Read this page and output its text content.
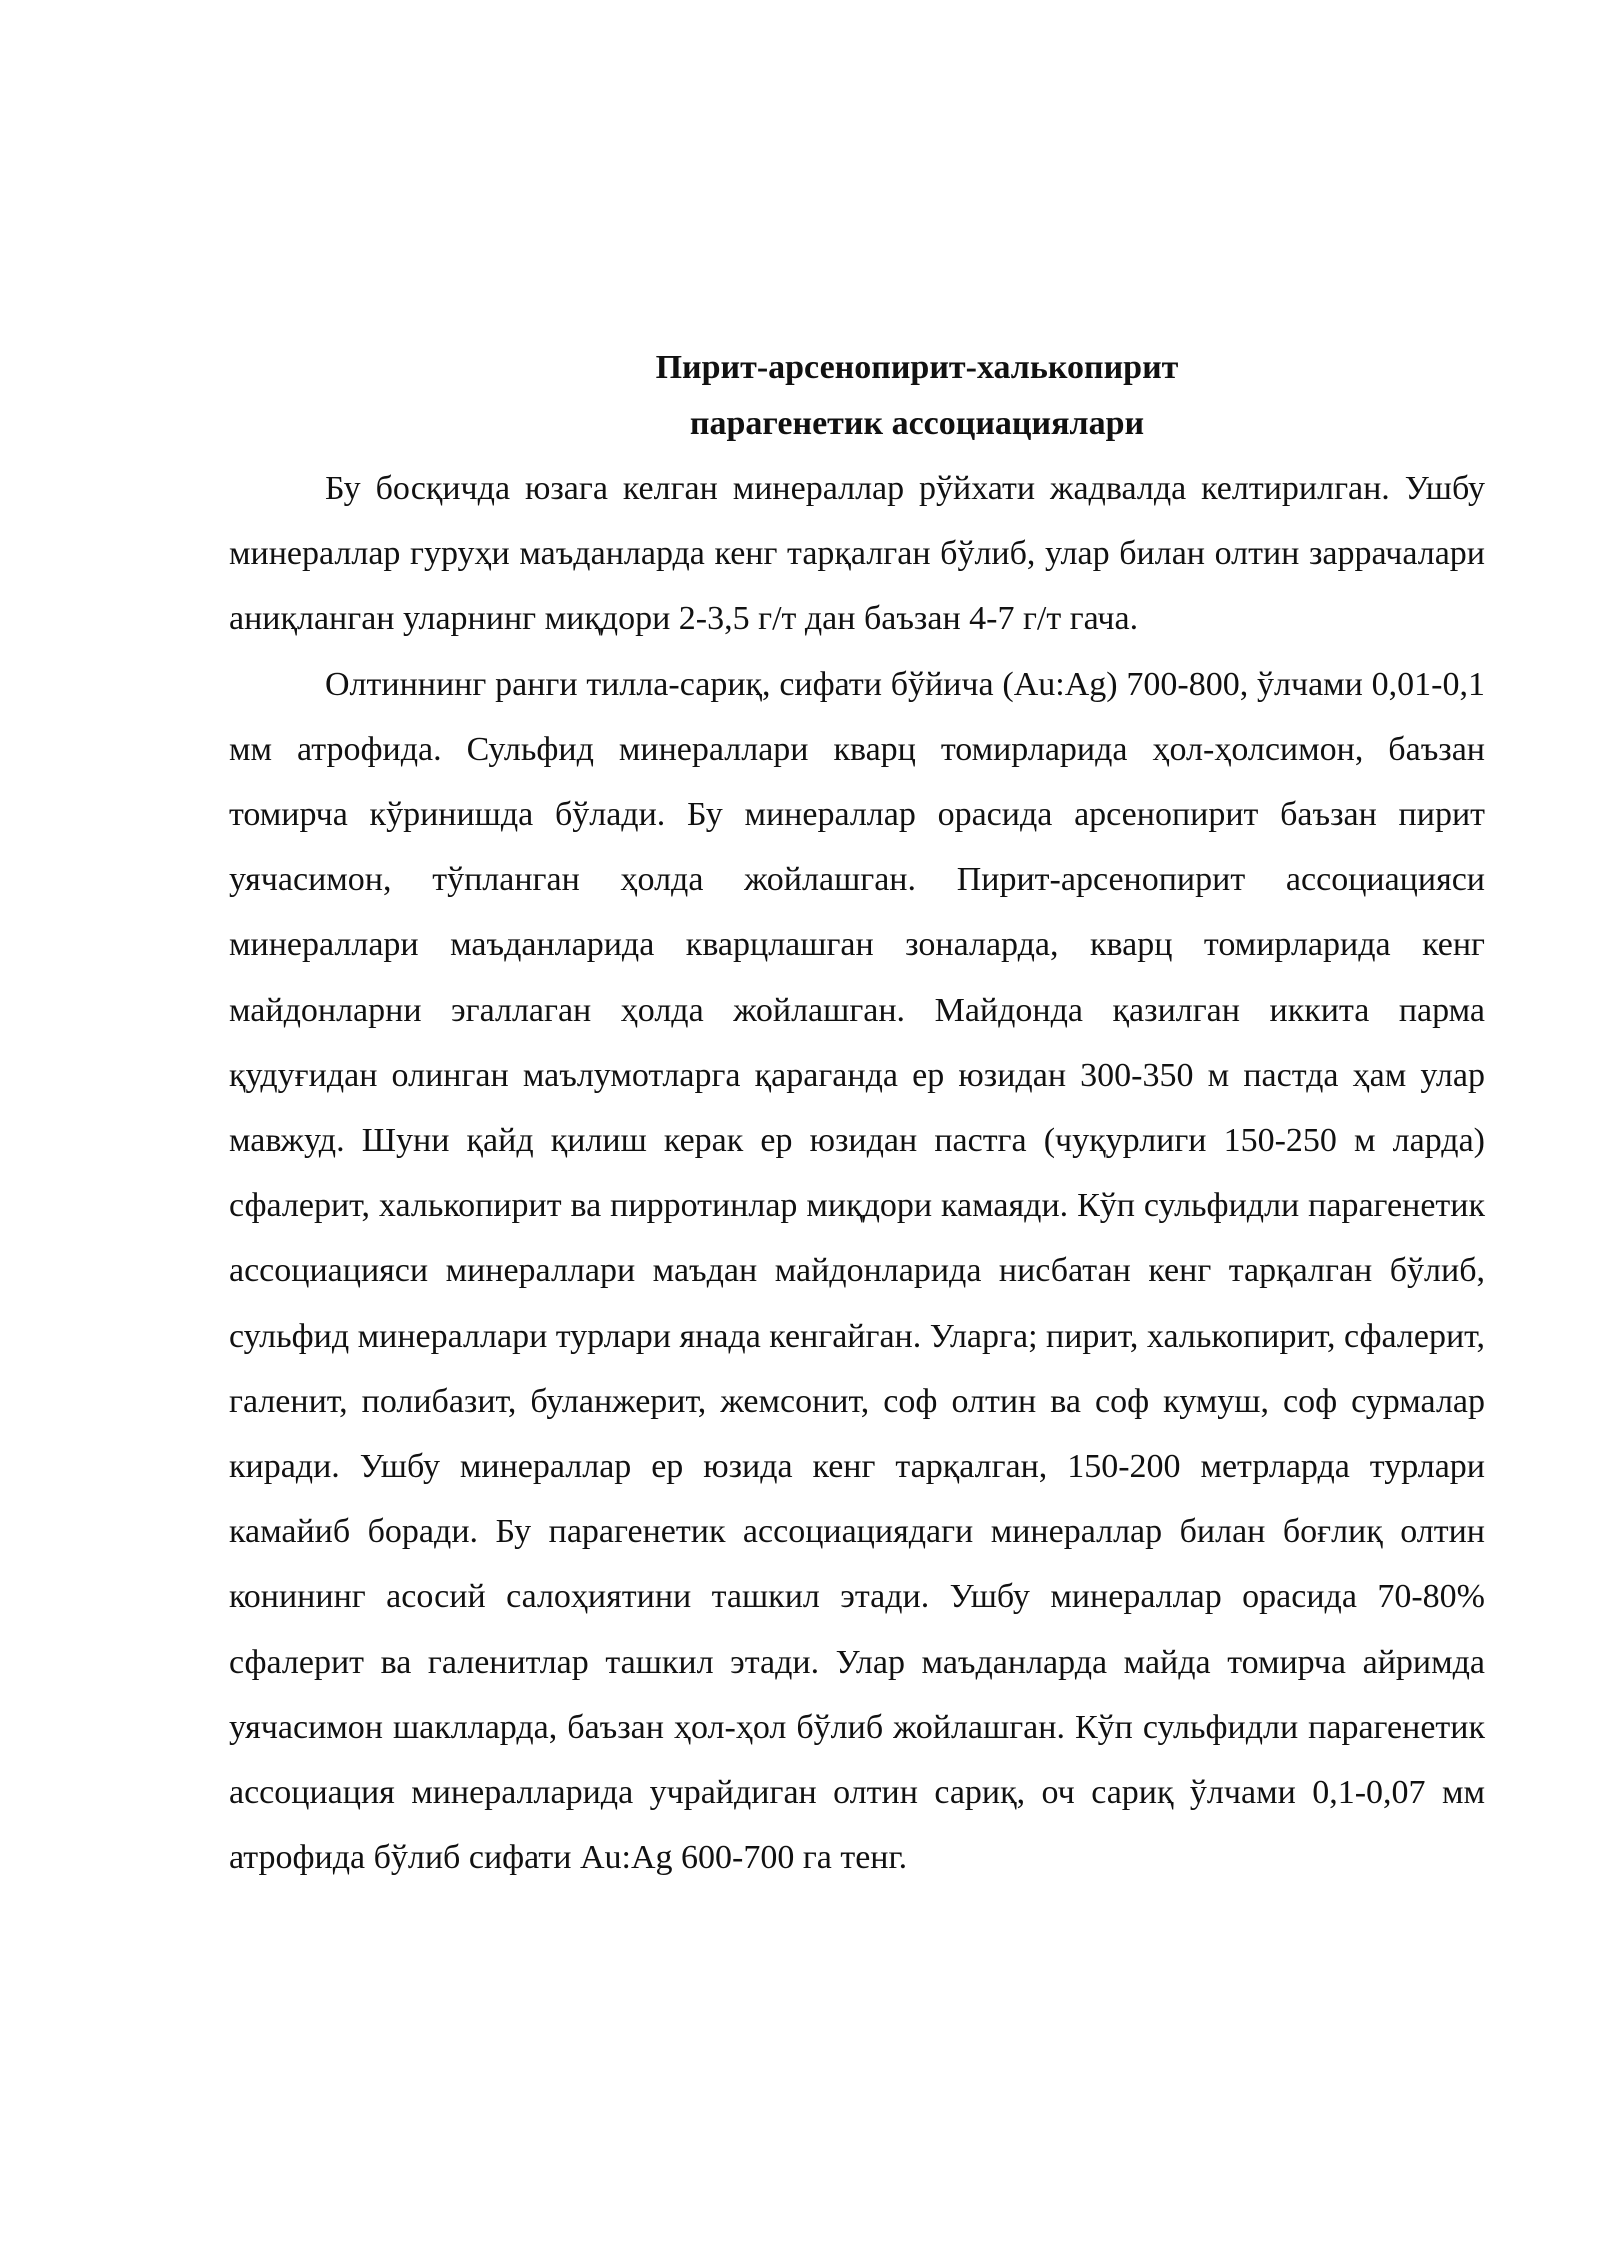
Пирит-арсенопирит-халькопирит

парагенетик ассоциациялари

Бу босқичда юзага келган минераллар рўйхати жадвалда келтирилган. Ушбу минераллар гуруҳи маъданларда кенг тарқалган бўлиб, улар билан олтин заррачалари аниқланган уларнинг миқдори 2-3,5 г/т дан баъзан 4-7 г/т гача.

Олтиннинг ранги тилла-сариқ, сифати бўйича (Au:Ag) 700-800, ўлчами 0,01-0,1 мм атрофида. Сульфид минераллари кварц томирларида ҳол-ҳолсимон, баъзан томирча кўринишда бўлади. Бу минераллар орасида арсенопирит баъзан пирит уячасимон, тўпланган ҳолда жойлашган. Пирит-арсенопирит ассоциацияси минераллари маъданларида кварцлашган зоналарда, кварц томирларида кенг майдонларни эгаллаган ҳолда жойлашган. Майдонда қазилган иккита парма қудуғидан олинган маълумотларга қараганда ер юзидан 300-350 м пастда ҳам улар мавжуд. Шуни қайд қилиш керак ер юзидан пастга (чуқурлиги 150-250 м ларда) сфалерит, халькопирит ва пирротинлар миқдори камаяди. Кўп сульфидли парагенетик ассоциацияси минераллари маъдан майдонларида нисбатан кенг тарқалган бўлиб, сульфид минераллари турлари янада кенгайган. Уларга; пирит, халькопирит, сфалерит, галенит, полибазит, буланжерит, жемсонит, соф олтин ва соф кумуш, соф сурмалар киради. Ушбу минераллар ер юзида кенг тарқалган, 150-200 метрларда турлари камайиб боради. Бу парагенетик ассоциациядаги минераллар билан боғлиқ олтин конининг асосий салоҳиятини ташкил этади. Ушбу минераллар орасида 70-80% сфалерит ва галенитлар ташкил этади. Улар маъданларда майда томирча айримда уячасимон шаклларда, баъзан ҳол-ҳол бўлиб жойлашган. Кўп сульфидли парагенетик ассоциация минералларида учрайдиган олтин сариқ, оч сариқ ўлчами 0,1-0,07 мм атрофида бўлиб сифати Au:Ag 600-700 га тенг.
